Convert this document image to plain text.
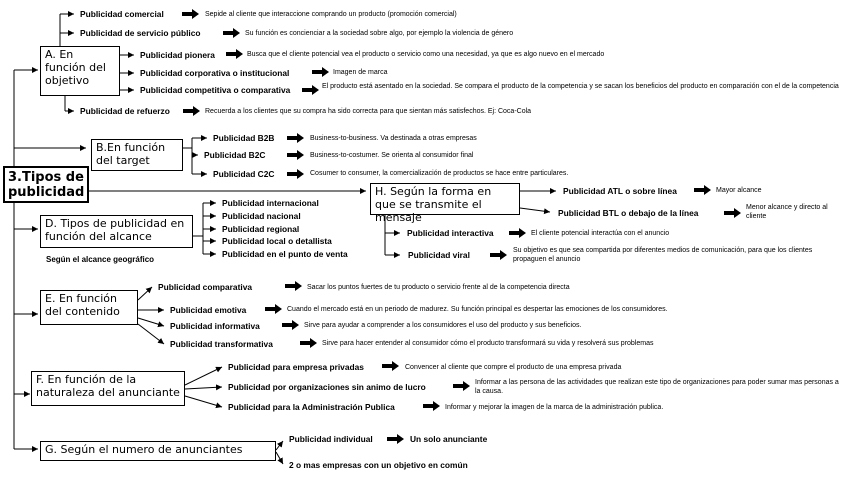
3.Tipos de publicidad
A. En función del objetivo
Publicidad comercial
Publicidad de servicio público
Publicidad pionera
Publicidad corporativa o institucional
Publicidad competitiva o comparativa
Publicidad de refuerzo
Sepide al cliente que interaccione comprando un producto (promoción comercial)
Su función es concienciar a la sociedad sobre algo, por ejemplo la violencia de género
Busca que el cliente potencial vea el producto o servicio como una necesidad, ya que es algo nuevo en el mercado
Imagen de marca
El producto está asentado en la sociedad. Se compara el producto de la competencia y se sacan los beneficios del producto en comparación con el de la competencia
Recuerda a los clientes que su compra ha sido correcta para que sientan más satisfechos. Ej: Coca-Cola
B.En función del target
Publicidad B2B
Publicidad B2C
Publicidad C2C
Business-to-business. Va destinada a otras empresas
Business-to-costumer. Se orienta al consumidor final
Cosumer to consumer, la comercialización de productos se hace entre particulares.
H. Según la forma en que se transmite el mensaje
Publicidad ATL o sobre línea
Publicidad BTL o debajo de la línea
Publicidad interactiva
Publicidad viral
Mayor alcance
Menor alcance y directo al cliente
El cliente potencial interactúa con el anuncio
Su objetivo es que sea compartida por diferentes medios de comunicación, para que los clientes propaguen el anuncio
D. Tipos de publicidad en función del alcance
Según el alcance geográfico
Publicidad internacional
Publicidad nacional
Publicidad regional
Publicidad local o detallista
Publicidad en el punto de venta
E. En función del contenido
Publicidad comparativa
Publicidad emotiva
Publicidad informativa
Publicidad transformativa
Sacar los puntos fuertes de tu producto o servicio frente al de la competencia directa
Cuando el mercado está en un periodo de madurez. Su función principal es despertar las emociones de los consumidores.
Sirve para ayudar a comprender a los consumidores el uso del producto y sus beneficios.
Sirve para hacer entender al consumidor cómo el producto transformará su vida y resolverá sus problemas
F. En función de la naturaleza del anunciante
Publicidad para empresa privadas
Publicidad por organizaciones sin animo de lucro
Publicidad para la Administración Publica
Convencer al cliente que compre el producto de una empresa privada
Informar a las persona de las actividades que realizan este tipo de organizaciones para poder sumar mas personas a la causa.
Informar y mejorar la imagen de la marca de la administración publica.
G. Según el numero de anunciantes
Publicidad individual	Un solo anunciante
2 o mas empresas con un objetivo en común
